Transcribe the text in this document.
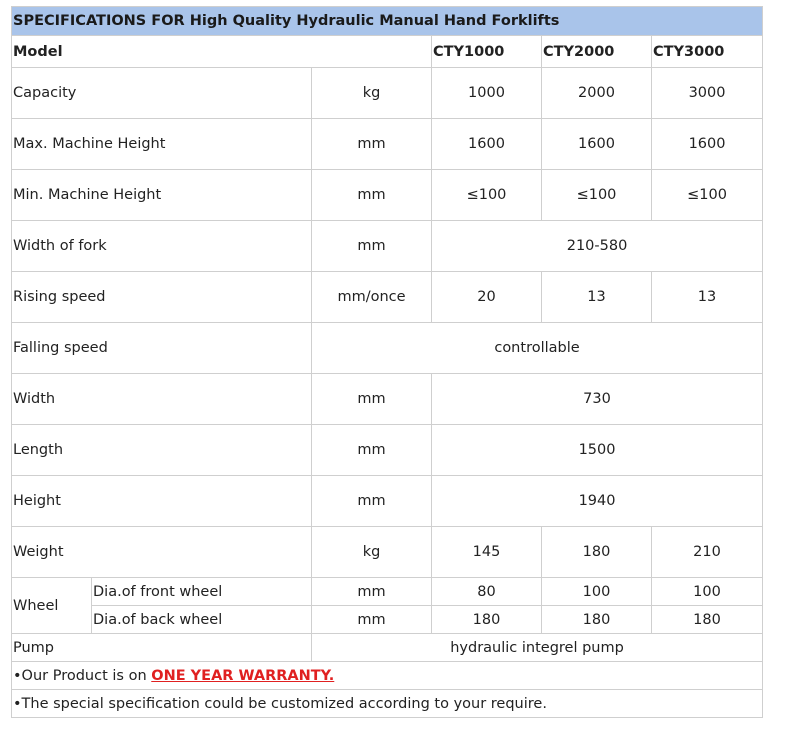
SPECIFICATIONS FOR High Quality Hydraulic Manual Hand Forklifts					
Model			CTY1000	CTY2000	CTY3000
Capacity		kg	1000	2000	3000
Max. Machine Height		mm	1600	1600	1600
Min. Machine Height		mm	≤100	≤100	≤100
Width of fork		mm	210-580		
Rising speed		mm/once	20	13	13
Falling speed		controllable			
Width		mm	730		
Length		mm	1500		
Height		mm	1940		
Weight		kg	145	180	210
Wheel	Dia.of front wheel	mm	80	100	100
	Dia.of back wheel	mm	180	180	180
Pump		hydraulic integrel pump			
•Our Product is on ONE YEAR WARRANTY.					
•The special specification could be customized according to your require.					
